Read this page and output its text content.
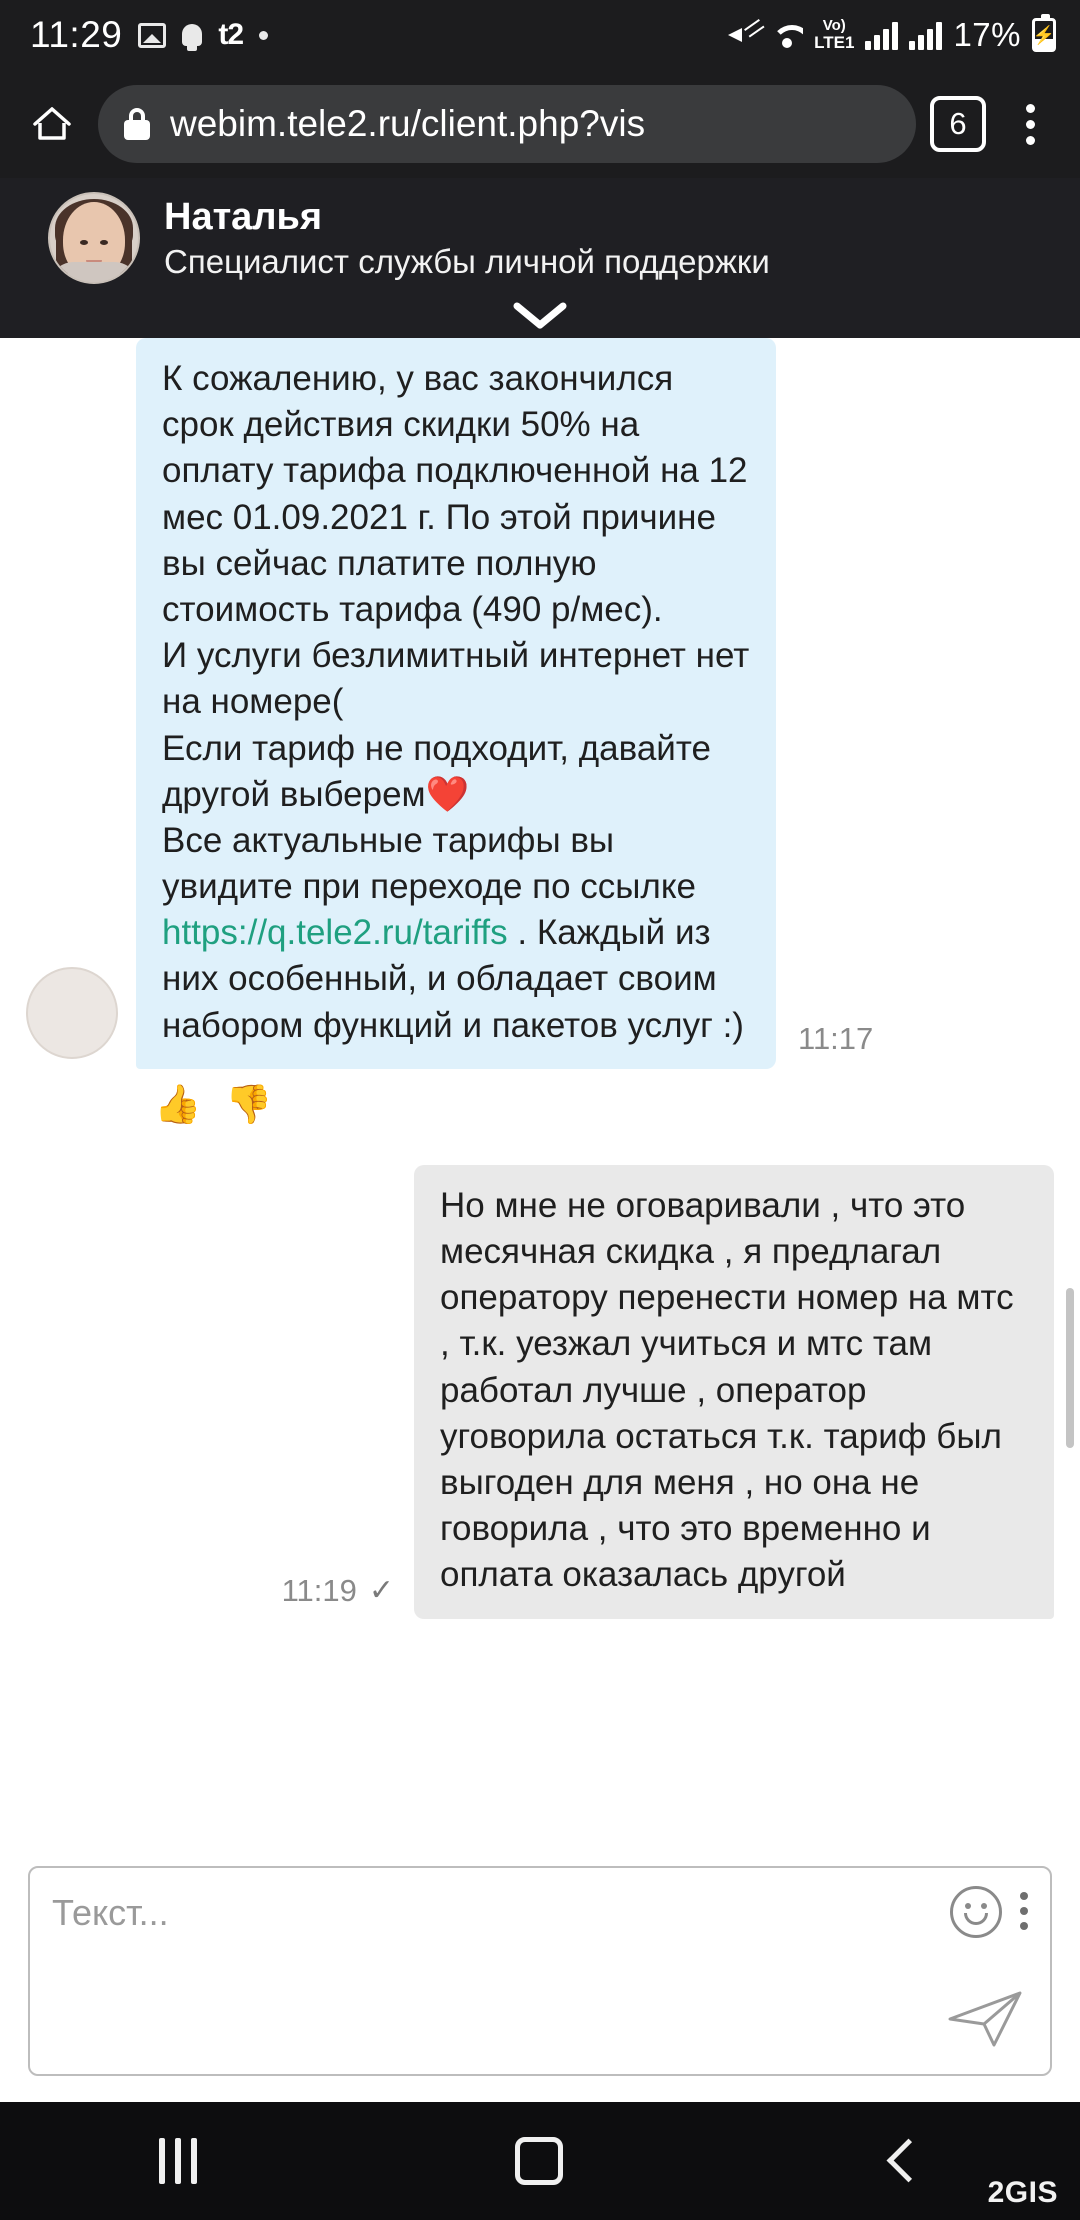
11:29	t2	Vo)
LTE1	17% ⚡
webim.tele2.ru/client.php?vis	6
Наталья
Специалист службы личной поддержки

К сожалению, у вас закончился срок действия скидки 50% на оплату тарифа подключенной на 12 мес 01.09.2021 г. По этой причине вы сейчас платите полную стоимость тарифа (490 р/мес).

И услуги безлимитный интернет нет на номере(

Если тариф не подходит, давайте другой выберем❤️

Все актуальные тарифы вы увидите при переходе по ссылке https://q.tele2.ru/tariffs . Каждый из них особенный, и обладает своим набором функций и пакетов услуг :) 11:17
👍 👎
11:19 ✓
Но мне не оговаривали , что это месячная скидка , я предлагал оператору перенести номер на мтс , т.к. уезжал учиться и мтс там работал лучше , оператор уговорила остаться т.к. тариф был выгоден для меня , но она не говорила , что это временно и оплата оказалась другой
Текст...
2GIS
